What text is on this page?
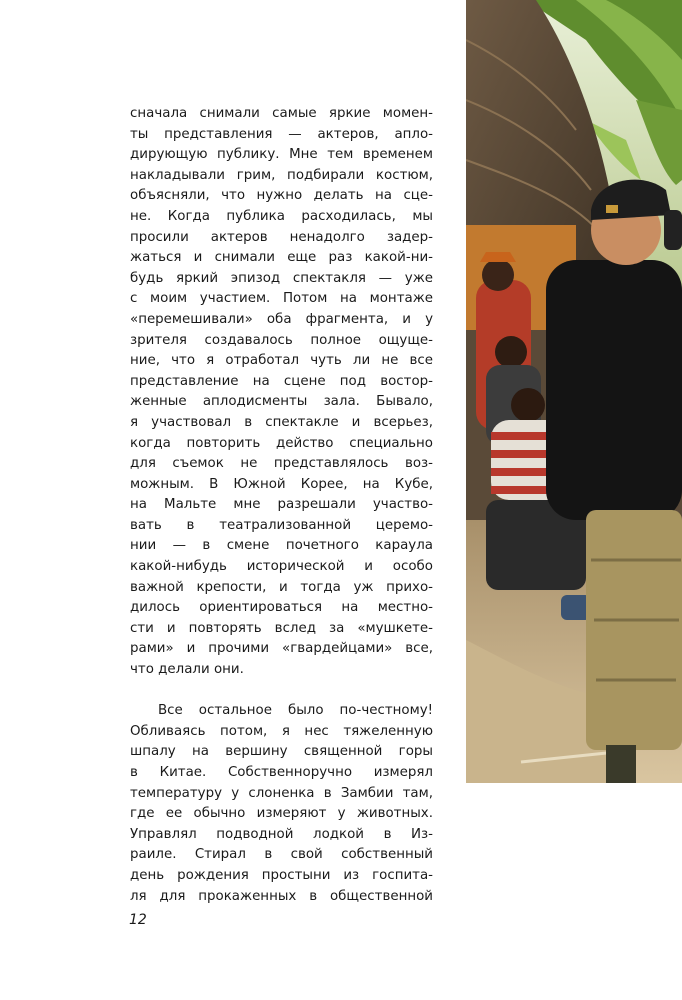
сначала снимали самые яркие момен-

ты представления — актеров, апло-

дирующую публику. Мне тем временем

накладывали грим, подбирали костюм,

объясняли, что нужно делать на сце-

не. Когда публика расходилась, мы

просили актеров ненадолго задер-

жаться и снимали еще раз какой-ни-

будь яркий эпизод спектакля — уже

с моим участием. Потом на монтаже

«перемешивали» оба фрагмента, и у

зрителя создавалось полное ощуще-

ние, что я отработал чуть ли не все

представление на сцене под востор-

женные аплодисменты зала. Бывало,

я участвовал в спектакле и всерьез,

когда повторить действо специально

для съемок не представлялось воз-

можным. В Южной Корее, на Кубе,

на Мальте мне разрешали участво-

вать в театрализованной церемо-

нии — в смене почетного караула

какой-нибудь исторической и особо

важной крепости, и тогда уж прихо-

дилось ориентироваться на местно-

сти и повторять вслед за «мушкете-

рами» и прочими «гвардейцами» все,

что делали они.

Все остальное было по-честному!

Обливаясь потом, я нес тяжеленную

шпалу на вершину священной горы

в Китае. Собственноручно измерял

температуру у слоненка в Замбии там,

где ее обычно измеряют у животных.

Управлял подводной лодкой в Из-

раиле. Стирал в свой собственный

день рождения простыни из госпита-

ля для прокаженных в общественной

12
